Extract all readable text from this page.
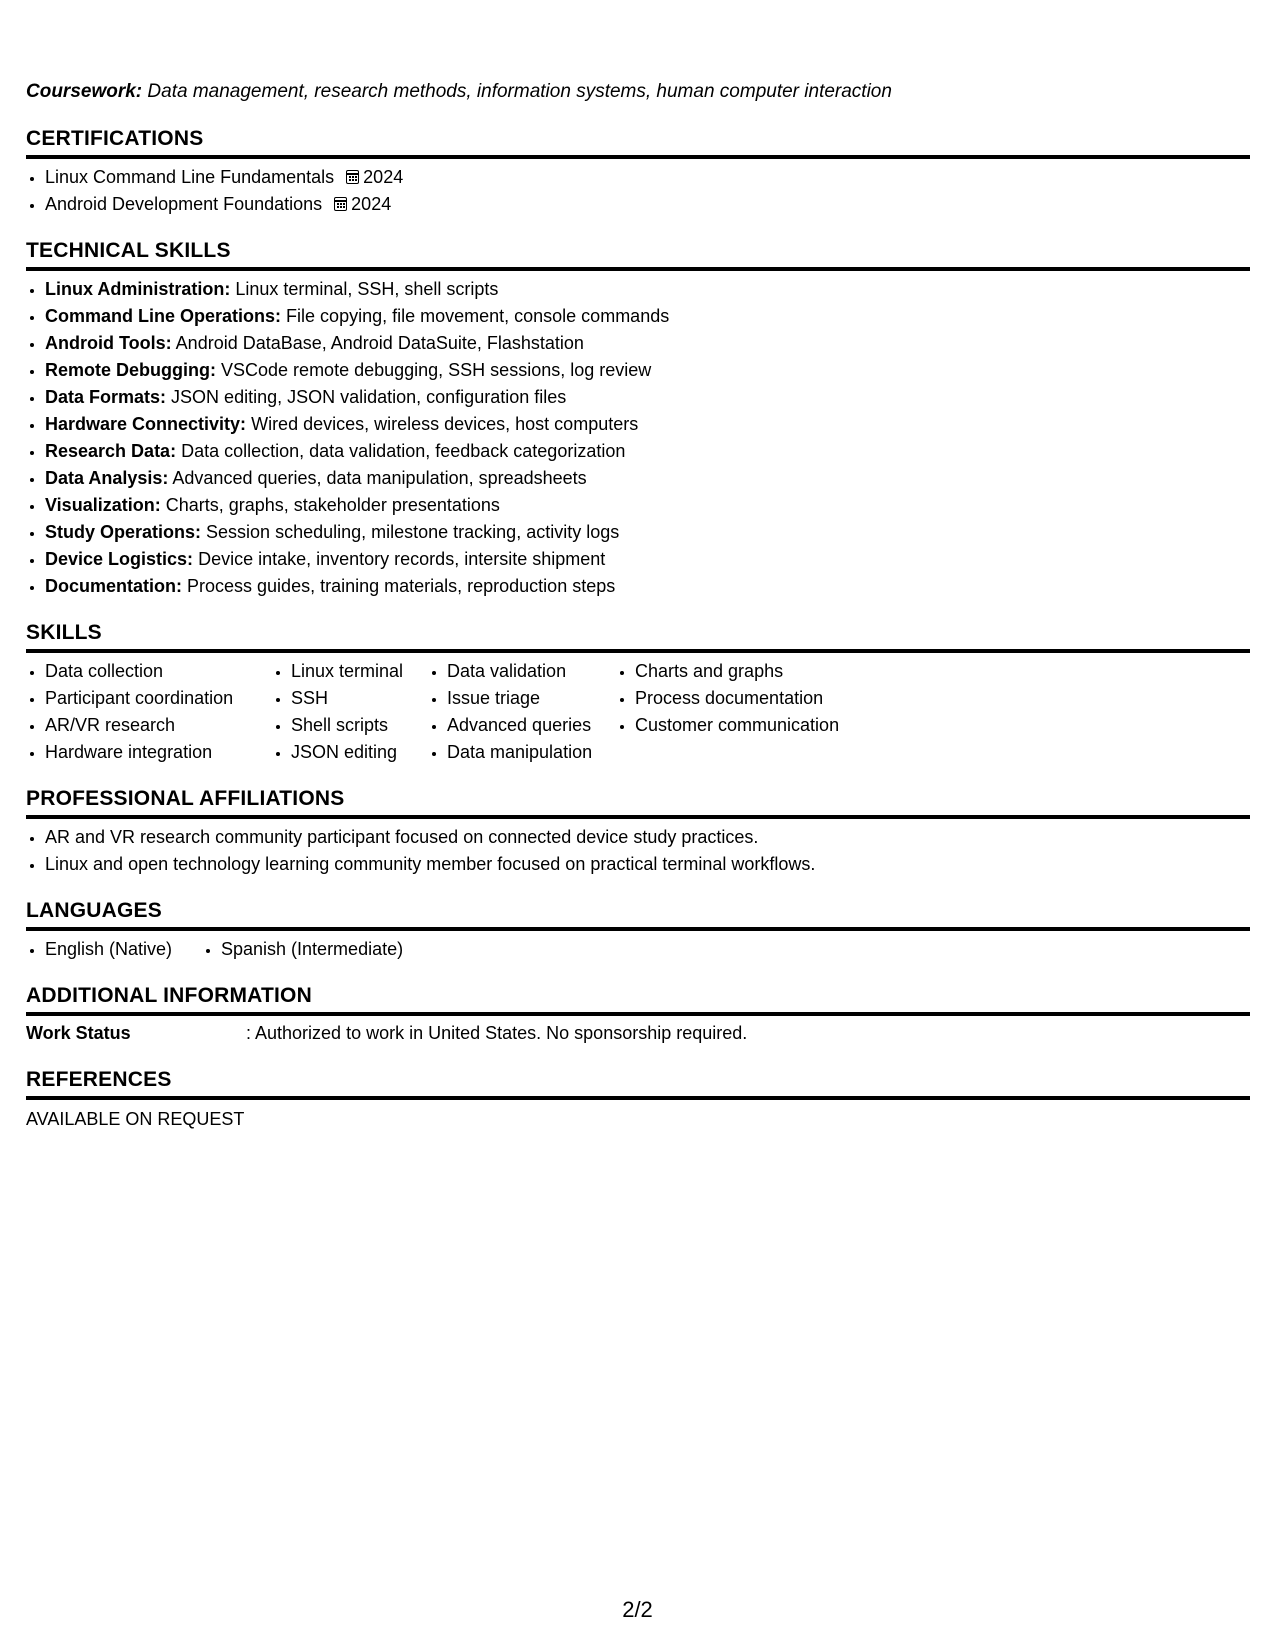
Coursework: Data management, research methods, information systems, human computer interaction

CERTIFICATIONS
• Linux Command Line Fundamentals 2024
• Android Development Foundations 2024
TECHNICAL SKILLS
• Linux Administration: Linux terminal, SSH, shell scripts
• Command Line Operations: File copying, file movement, console commands
• Android Tools: Android DataBase, Android DataSuite, Flashstation
• Remote Debugging: VSCode remote debugging, SSH sessions, log review
• Data Formats: JSON editing, JSON validation, configuration files
• Hardware Connectivity: Wired devices, wireless devices, host computers
• Research Data: Data collection, data validation, feedback categorization
• Data Analysis: Advanced queries, data manipulation, spreadsheets
• Visualization: Charts, graphs, stakeholder presentations
• Study Operations: Session scheduling, milestone tracking, activity logs
• Device Logistics: Device intake, inventory records, intersite shipment
• Documentation: Process guides, training materials, reproduction steps
SKILLS
• Data collection
• Participant coordination
• AR/VR research
• Hardware integration
• Linux terminal
• SSH
• Shell scripts
• JSON editing
• Data validation
• Issue triage
• Advanced queries
• Data manipulation
• Charts and graphs
• Process documentation
• Customer communication
PROFESSIONAL AFFILIATIONS
• AR and VR research community participant focused on connected device study practices.
• Linux and open technology learning community member focused on practical terminal workflows.
LANGUAGES
• English (Native)
•	Spanish (Intermediate)
ADDITIONAL INFORMATION
Work Status	: Authorized to work in United States. No sponsorship required.
REFERENCES
AVAILABLE ON REQUEST
2/2
